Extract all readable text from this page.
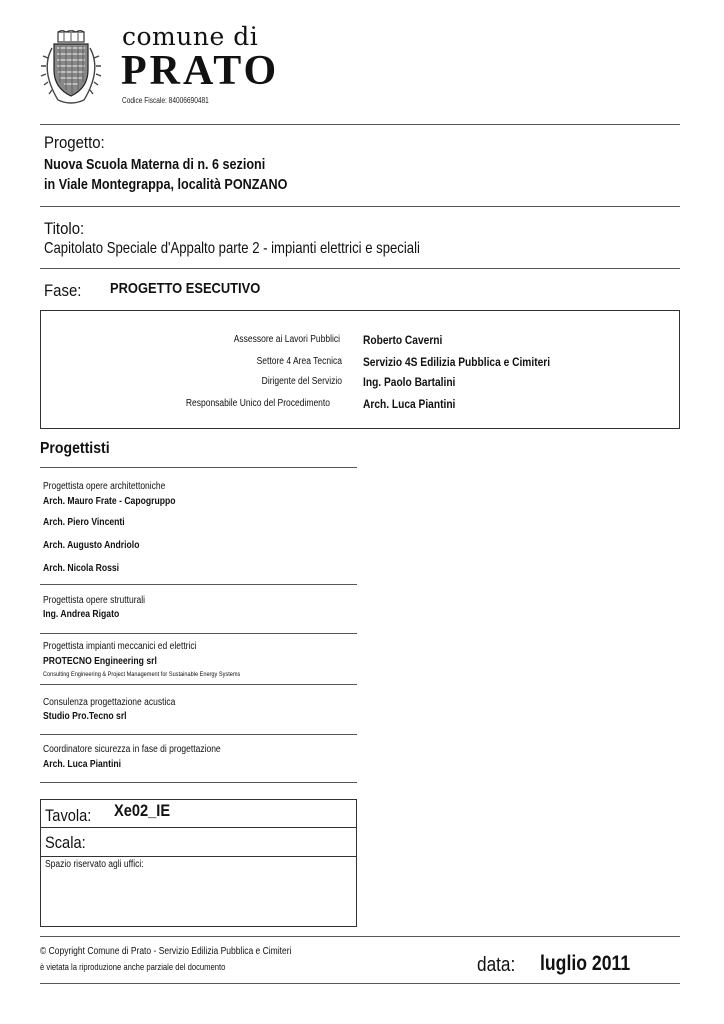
comune di
PRATO
Codice Fiscale: 84006690481
Progetto:
Nuova Scuola Materna di n. 6 sezioni
in Viale Montegrappa, località PONZANO
Titolo:
Capitolato Speciale d'Appalto parte 2 - impianti elettrici e speciali
Fase: PROGETTO ESECUTIVO
Assessore ai Lavori Pubblici Roberto Caverni
Settore 4 Area Tecnica Servizio 4S Edilizia Pubblica e Cimiteri
Dirigente del Servizio Ing. Paolo Bartalini
Responsabile Unico del Procedimento	Arch. Luca Piantini
Progettisti
Progettista opere architettoniche
Arch. Mauro Frate - Capogruppo
Arch. Piero Vincenti
Arch. Augusto Andriolo
Arch. Nicola Rossi
Progettista opere strutturali
Ing. Andrea Rigato
Progettista impianti meccanici ed elettrici
PROTECNO Engineering srl
Consulting Engineering & Project Management for Sustainable Energy Systems
Consulenza progettazione acustica
Studio Pro.Tecno srl
Coordinatore sicurezza in fase di progettazione
Arch. Luca Piantini
Tavola: Xe02_IE
Scala:
Spazio riservato agli uffici:
© Copyright Comune di Prato - Servizio Edilizia Pubblica e Cimiteri
è vietata la riproduzione anche parziale del documento	data: luglio 2011
